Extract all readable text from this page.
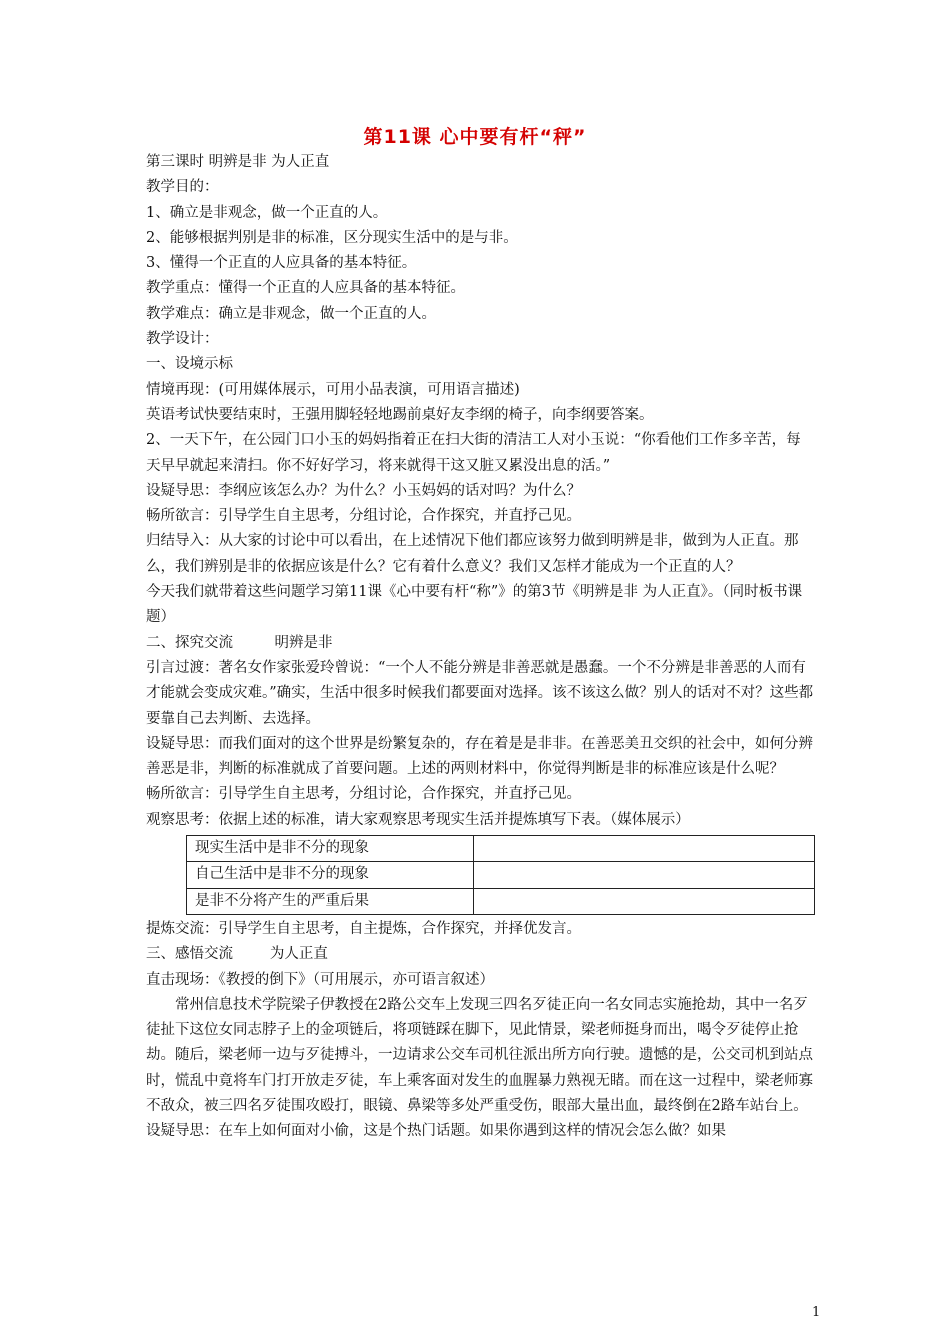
第11课 心中要有杆“秤”

第三课时 明辨是非 为人正直

教学目的：

1、确立是非观念，做一个正直的人。

2、能够根据判别是非的标准，区分现实生活中的是与非。

3、懂得一个正直的人应具备的基本特征。

教学重点：懂得一个正直的人应具备的基本特征。

教学难点：确立是非观念，做一个正直的人。

教学设计：

一、设境示标

情境再现：(可用媒体展示，可用小品表演，可用语言描述)

英语考试快要结束时，王强用脚轻轻地踢前桌好友李纲的椅子，向李纲要答案。

2、一天下午，在公园门口小玉的妈妈指着正在扫大街的清洁工人对小玉说：“你看他们工作多辛苦，每天早早就起来清扫。你不好好学习，将来就得干这又脏又累没出息的活。”

设疑导思：李纲应该怎么办？为什么？小玉妈妈的话对吗？为什么？

畅所欲言：引导学生自主思考，分组讨论，合作探究，并直抒己见。

归结导入：从大家的讨论中可以看出，在上述情况下他们都应该努力做到明辨是非，做到为人正直。那么，我们辨别是非的依据应该是什么？它有着什么意义？我们又怎样才能成为一个正直的人？

今天我们就带着这些问题学习第11课《心中要有杆“称”》的第3节《明辨是非 为人正直》。（同时板书课题）

二、探究交流         明辨是非

引言过渡：著名女作家张爱玲曾说：“一个人不能分辨是非善恶就是愚蠢。一个不分辨是非善恶的人而有才能就会变成灾难。”确实，生活中很多时候我们都要面对选择。该不该这么做？别人的话对不对？这些都要靠自己去判断、去选择。

设疑导思：而我们面对的这个世界是纷繁复杂的，存在着是是非非。在善恶美丑交织的社会中，如何分辨善恶是非，判断的标准就成了首要问题。上述的两则材料中，你觉得判断是非的标准应该是什么呢？

畅所欲言：引导学生自主思考，分组讨论，合作探究，并直抒己见。

观察思考：依据上述的标准，请大家观察思考现实生活并提炼填写下表。（媒体展示）

现实生活中是非不分的现象	
自己生活中是非不分的现象	
是非不分将产生的严重后果	

提炼交流：引导学生自主思考，自主提炼，合作探究，并择优发言。

三、感悟交流        为人正直

直击现场：《教授的倒下》（可用展示，亦可语言叙述）

常州信息技术学院梁子伊教授在2路公交车上发现三四名歹徒正向一名女同志实施抢劫，其中一名歹徒扯下这位女同志脖子上的金项链后，将项链踩在脚下，见此情景，梁老师挺身而出，喝令歹徒停止抢劫。随后，梁老师一边与歹徒搏斗，一边请求公交车司机往派出所方向行驶。遗憾的是，公交司机到站点时，慌乱中竟将车门打开放走歹徒，车上乘客面对发生的血腥暴力熟视无睹。而在这一过程中，梁老师寡不敌众，被三四名歹徒围攻殴打，眼镜、鼻梁等多处严重受伤，眼部大量出血，最终倒在2路车站台上。

设疑导思：在车上如何面对小偷，这是个热门话题。如果你遇到这样的情况会怎么做？如果

1
